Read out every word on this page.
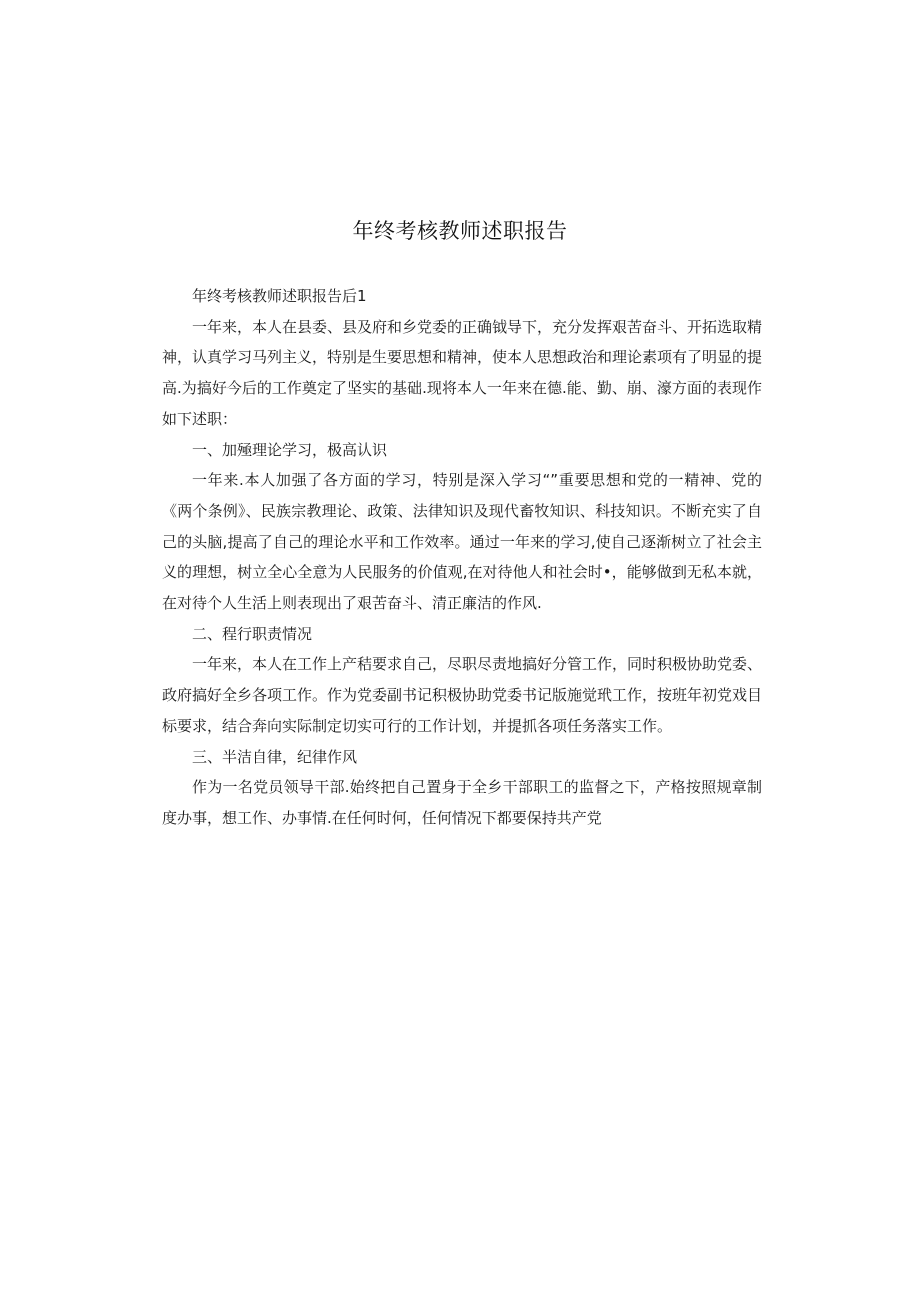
年终考核教师述职报告

年终考核教师述职报告后1

一年来，本人在县委、县及府和乡党委的正确钺导下，充分发挥艰苦奋斗、开拓选取精神，认真学习马列主义，特别是生要思想和精神，使本人思想政治和理论素项有了明显的提高.为搞好今后的工作奠定了坚实的基础.现将本人一年来在德.能、勤、崩、濠方面的表现作如下述职：

一、加殛理论学习，极高认识

一年来.本人加强了各方面的学习，特别是深入学习“”重要思想和党的一精神、党的《两个条例》、民族宗教理论、政策、法律知识及现代畜牧知识、科技知识。不断充实了自己的头脑,提高了自己的理论水平和工作效率。通过一年来的学习,使自己逐渐树立了社会主义的理想，树立全心全意为人民服务的价值观,在对待他人和社会时•，能够做到无私本就，在对待个人生活上则表现出了艰苦奋斗、清正廉洁的作风.

二、程行职责情况

一年来，本人在工作上产秸要求自己，尽职尽责地搞好分管工作，同时积极协助党委、政府搞好全乡各项工作。作为党委副书记积极协助党委书记版施觉玳工作，按班年初党戏目标要求，结合奔向实际制定切实可行的工作计划，并提抓各项任务落实工作。

三、半洁自律，纪律作风

作为一名党员领导干部.始终把自己置身于全乡干部职工的监督之下，产格按照规章制度办事，想工作、办事情.在任何时何，任何情况下都要保持共产党
